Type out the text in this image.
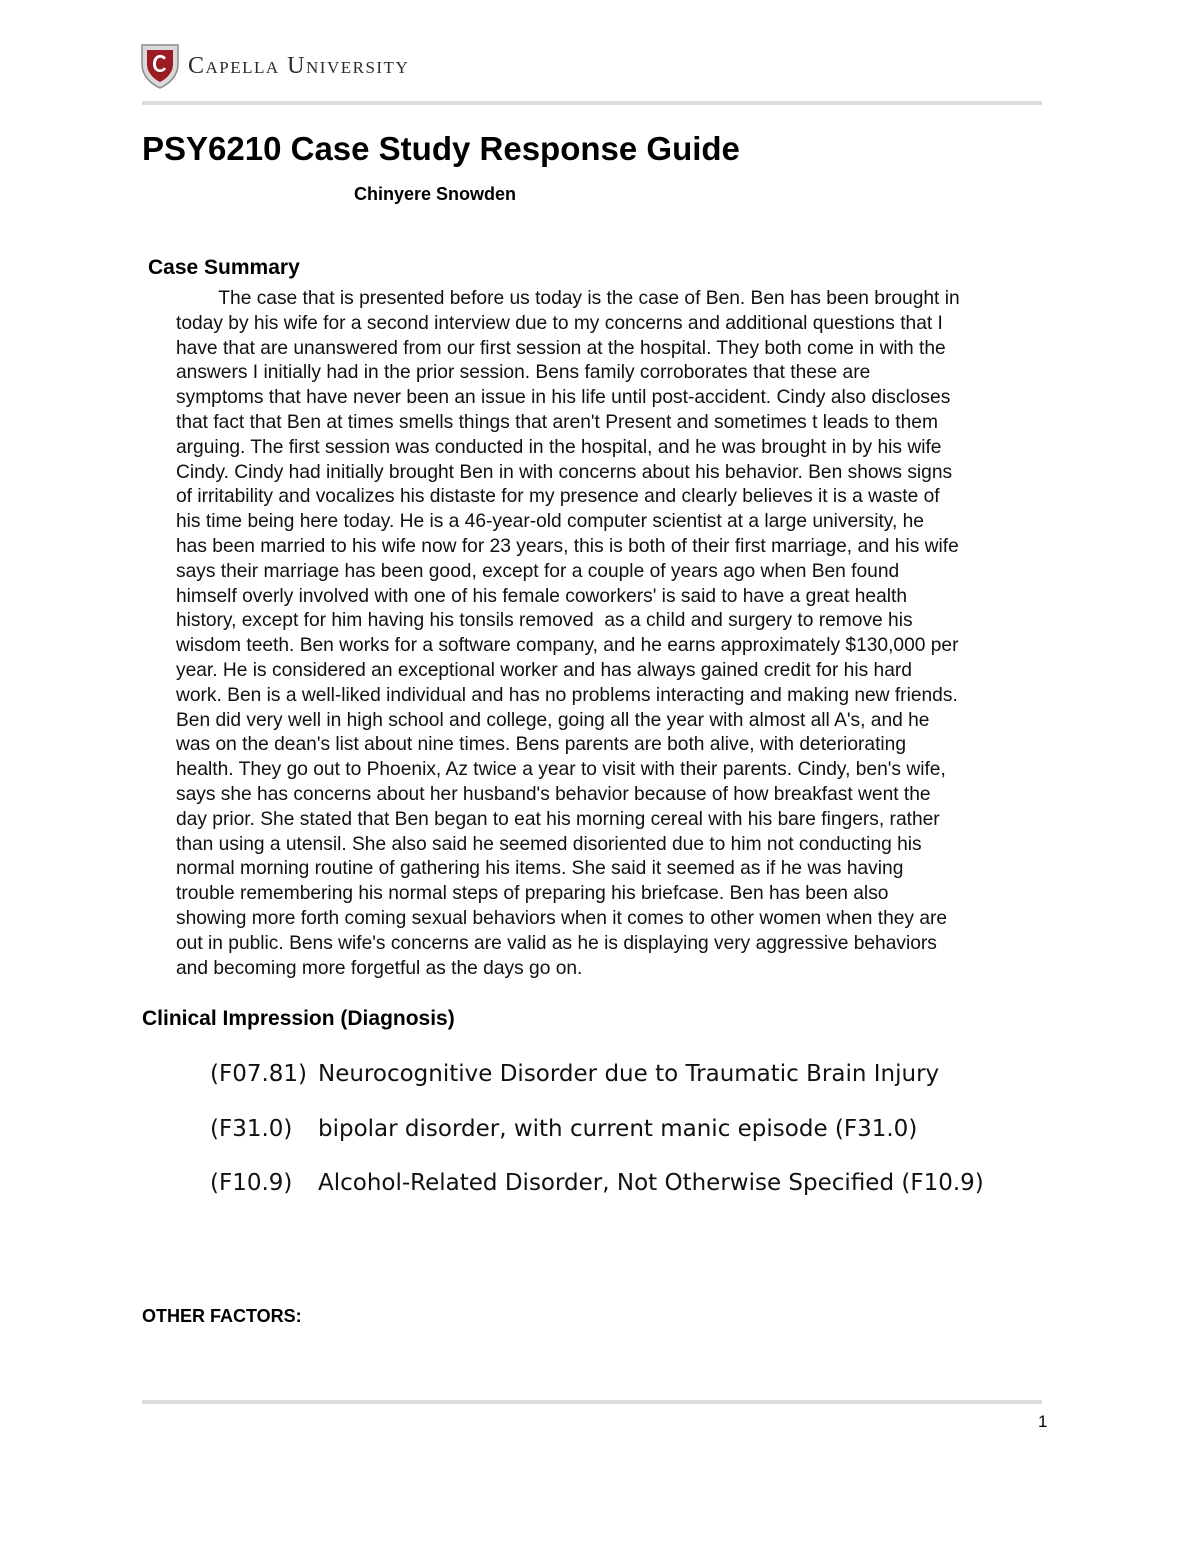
Capella University
PSY6210 Case Study Response Guide
Chinyere Snowden
Case Summary

The case that is presented before us today is the case of Ben. Ben has been brought in
today by his wife for a second interview due to my concerns and additional questions that I
have that are unanswered from our first session at the hospital. They both come in with the
answers I initially had in the prior session. Bens family corroborates that these are
symptoms that have never been an issue in his life until post-accident. Cindy also discloses
that fact that Ben at times smells things that aren't Present and sometimes t leads to them
arguing. The first session was conducted in the hospital, and he was brought in by his wife
Cindy. Cindy had initially brought Ben in with concerns about his behavior. Ben shows signs
of irritability and vocalizes his distaste for my presence and clearly believes it is a waste of
his time being here today. He is a 46-year-old computer scientist at a large university, he
has been married to his wife now for 23 years, this is both of their first marriage, and his wife
says their marriage has been good, except for a couple of years ago when Ben found
himself overly involved with one of his female coworkers' is said to have a great health
history, except for him having his tonsils removed  as a child and surgery to remove his
wisdom teeth. Ben works for a software company, and he earns approximately $130,000 per
year. He is considered an exceptional worker and has always gained credit for his hard
work. Ben is a well-liked individual and has no problems interacting and making new friends.
Ben did very well in high school and college, going all the year with almost all A's, and he
was on the dean's list about nine times. Bens parents are both alive, with deteriorating
health. They go out to Phoenix, Az twice a year to visit with their parents. Cindy, ben's wife,
says she has concerns about her husband's behavior because of how breakfast went the
day prior. She stated that Ben began to eat his morning cereal with his bare fingers, rather
than using a utensil. She also said he seemed disoriented due to him not conducting his
normal morning routine of gathering his items. She said it seemed as if he was having
trouble remembering his normal steps of preparing his briefcase. Ben has been also
showing more forth coming sexual behaviors when it comes to other women when they are
out in public. Bens wife's concerns are valid as he is displaying very aggressive behaviors
and becoming more forgetful as the days go on.

Clinical Impression (Diagnosis)
(F07.81) Neurocognitive Disorder due to Traumatic Brain Injury
(F31.0)	bipolar disorder, with current manic episode (F31.0)
(F10.9)	Alcohol-Related Disorder, Not Otherwise Specified (F10.9)
OTHER FACTORS:
1
